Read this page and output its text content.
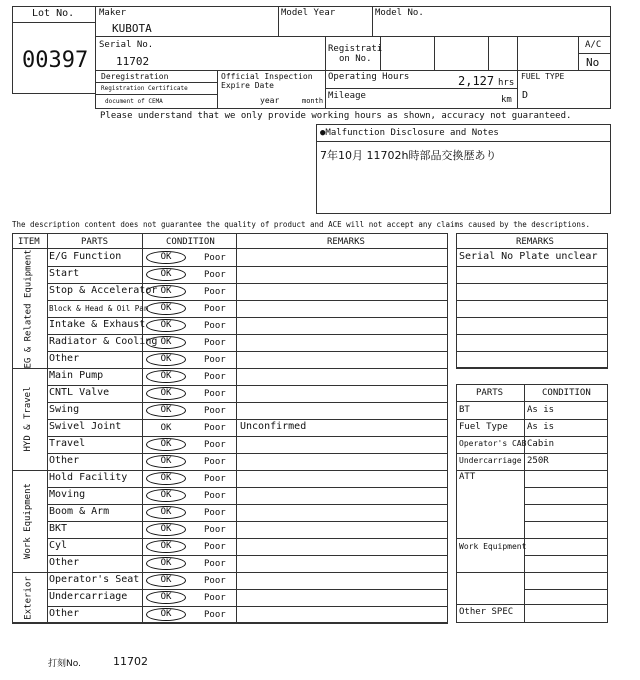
Lot No.
00397
Maker
KUBOTA
Model Year	Model No.
Serial No.
11702
Registrati
on No.
A/C
No
Deregistration
Registration Certificate
document of CEMA
Official Inspection
Expire Date
year	month
Operating Hours	2,127 hrs
Mileage	km
FUEL TYPE
D
Please understand that we only provide working hours as shown, accuracy not guaranteed.
●Malfunction Disclosure and Notes
7年10月 11702h時部品交換歴あり
The description content does not guarantee the quality of product and ACE will not accept any claims caused by the descriptions.
ITEM	PARTS	CONDITION	REMARKS
E/G Function	OK	Poor
Start	OK	Poor
Stop & Accelerator OK	Poor
Block & Head & Oil Pan	OK	Poor
Intake & Exhaust	OK	Poor
Radiator & Cooling OK	Poor
Other	OK	Poor
EG & Related Equipment
Main Pump	OK	Poor
CNTL Valve	OK	Poor
Swing	OK	Poor
Swivel Joint	OK	Poor Unconfirmed
Travel	OK	Poor
Other	OK	Poor
HYD & Travel
Hold Facility	OK	Poor
Moving	OK	Poor
Boom & Arm	OK	Poor
BKT	OK	Poor
Cyl	OK	Poor
Other	OK	Poor
Work Equipment
Operator's Seat	OK	Poor
Undercarriage	OK	Poor
Other	OK	Poor
Exterior
REMARKS
Serial No Plate unclear
PARTS	CONDITION
BT	As is
Fuel Type As is
Operator's CAB Cabin
Undercarriage 250R
ATT
Work Equipment
Other SPEC
打刻No.	11702
